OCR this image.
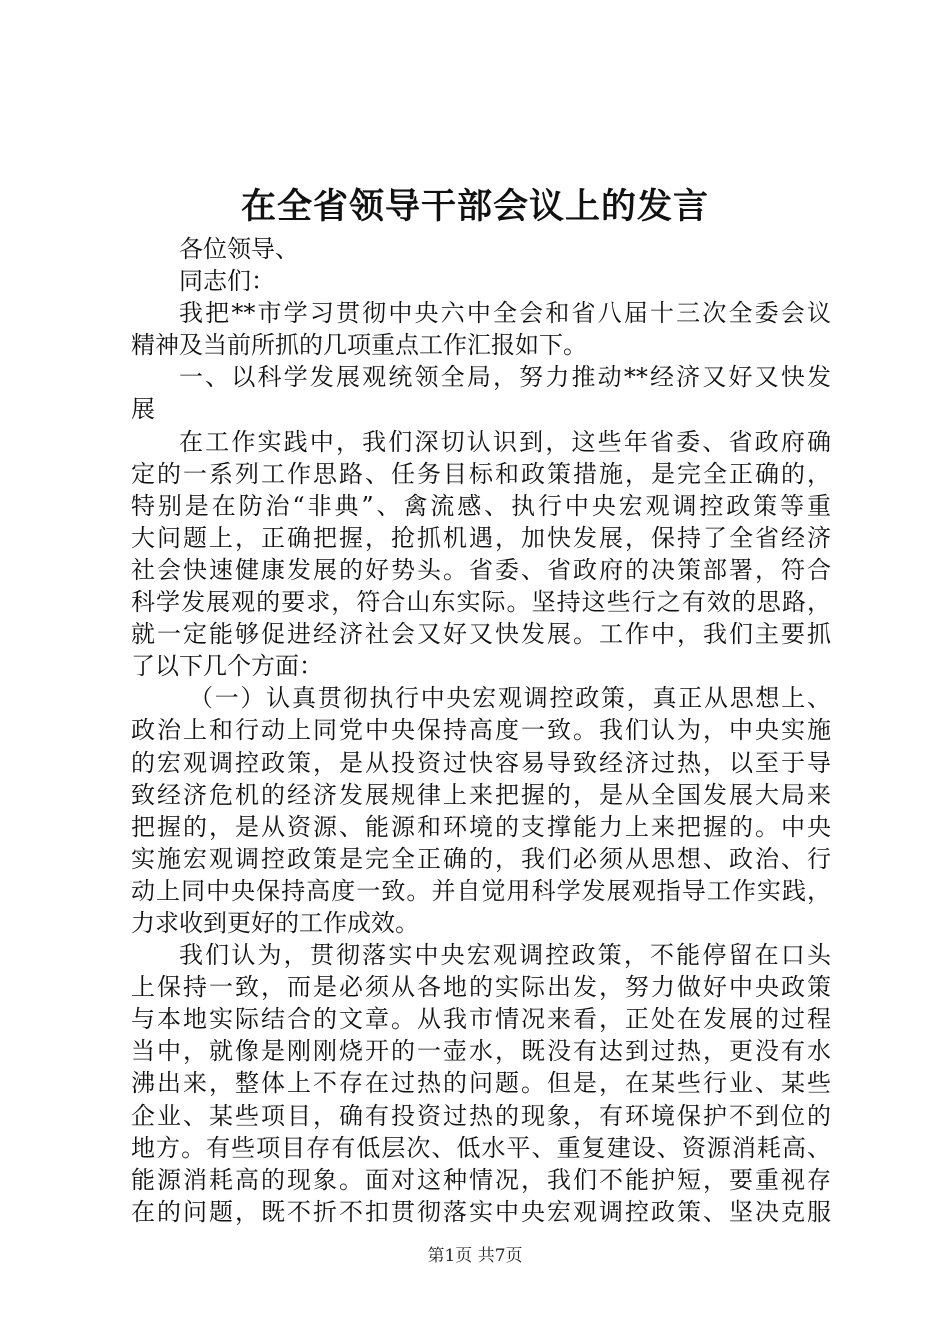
在全省领导干部会议上的发言
各位领导、
同志们：
我把**市学习贯彻中央六中全会和省八届十三次全委会议
精神及当前所抓的几项重点工作汇报如下。
一、以科学发展观统领全局，努力推动**经济又好又快发
展
在工作实践中，我们深切认识到，这些年省委、省政府确
定的一系列工作思路、任务目标和政策措施，是完全正确的，
特别是在防治“非典”、禽流感、执行中央宏观调控政策等重
大问题上，正确把握，抢抓机遇，加快发展，保持了全省经济
社会快速健康发展的好势头。省委、省政府的决策部署，符合
科学发展观的要求，符合山东实际。坚持这些行之有效的思路，
就一定能够促进经济社会又好又快发展。工作中，我们主要抓
了以下几个方面：
（一）认真贯彻执行中央宏观调控政策，真正从思想上、
政治上和行动上同党中央保持高度一致。我们认为，中央实施
的宏观调控政策，是从投资过快容易导致经济过热，以至于导
致经济危机的经济发展规律上来把握的，是从全国发展大局来
把握的，是从资源、能源和环境的支撑能力上来把握的。中央
实施宏观调控政策是完全正确的，我们必须从思想、政治、行
动上同中央保持高度一致。并自觉用科学发展观指导工作实践，
力求收到更好的工作成效。
我们认为，贯彻落实中央宏观调控政策，不能停留在口头
上保持一致，而是必须从各地的实际出发，努力做好中央政策
与本地实际结合的文章。从我市情况来看，正处在发展的过程
当中，就像是刚刚烧开的一壶水，既没有达到过热，更没有水
沸出来，整体上不存在过热的问题。但是，在某些行业、某些
企业、某些项目，确有投资过热的现象，有环境保护不到位的
地方。有些项目存有低层次、低水平、重复建设、资源消耗高、
能源消耗高的现象。面对这种情况，我们不能护短，要重视存
在的问题，既不折不扣贯彻落实中央宏观调控政策、坚决克服
第1页 共7页
